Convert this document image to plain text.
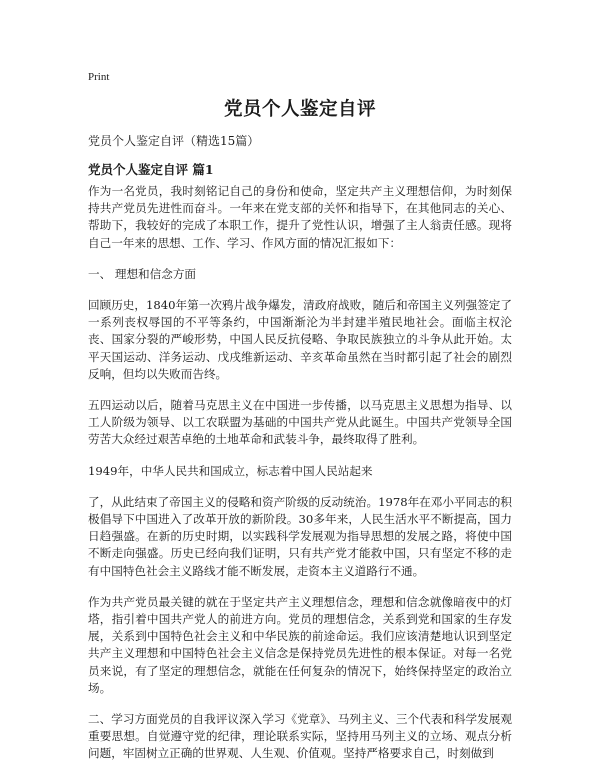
Print
党员个人鉴定自评
党员个人鉴定自评（精选15篇）
党员个人鉴定自评 篇1

作为一名党员，我时刻铭记自己的身份和使命，坚定共产主义理想信仰，为时刻保持共产党员先进性而奋斗。一年来在党支部的关怀和指导下，在其他同志的关心、帮助下，我较好的完成了本职工作，提升了党性认识，增强了主人翁责任感。现将自己一年来的思想、工作、学习、作风方面的情况汇报如下：

一、 理想和信念方面

回顾历史，1840年第一次鸦片战争爆发，清政府战败，随后和帝国主义列强签定了一系列丧权辱国的不平等条约，中国渐渐沦为半封建半殖民地社会。面临主权沦丧、国家分裂的严峻形势，中国人民反抗侵略、争取民族独立的斗争从此开始。太平天国运动、洋务运动、戊戌维新运动、辛亥革命虽然在当时都引起了社会的剧烈反响，但均以失败而告终。

五四运动以后，随着马克思主义在中国进一步传播，以马克思主义思想为指导、以工人阶级为领导、以工农联盟为基础的中国共产党从此诞生。中国共产党领导全国劳苦大众经过艰苦卓绝的土地革命和武装斗争，最终取得了胜利。

1949年，中华人民共和国成立，标志着中国人民站起来

了，从此结束了帝国主义的侵略和资产阶级的反动统治。1978年在邓小平同志的积极倡导下中国进入了改革开放的新阶段。30多年来，人民生活水平不断提高，国力日趋强盛。在新的历史时期，以实践科学发展观为指导思想的发展之路，将使中国不断走向强盛。历史已经向我们证明，只有共产党才能救中国，只有坚定不移的走有中国特色社会主义路线才能不断发展，走资本主义道路行不通。

作为共产党员最关键的就在于坚定共产主义理想信念，理想和信念就像暗夜中的灯塔，指引着中国共产党人的前进方向。党员的理想信念，关系到党和国家的生存发展，关系到中国特色社会主义和中华民族的前途命运。我们应该清楚地认识到坚定共产主义理想和中国特色社会主义信念是保持党员先进性的根本保证。对每一名党员来说，有了坚定的理想信念，就能在任何复杂的情况下，始终保持坚定的政治立场。

二、学习方面党员的自我评议深入学习《党章》、马列主义、三个代表和科学发展观重要思想。自觉遵守党的纪律，理论联系实际，坚持用马列主义的立场、观点分析问题，牢固树立正确的世界观、人生观、价值观。坚持严格要求自己，时刻做到
